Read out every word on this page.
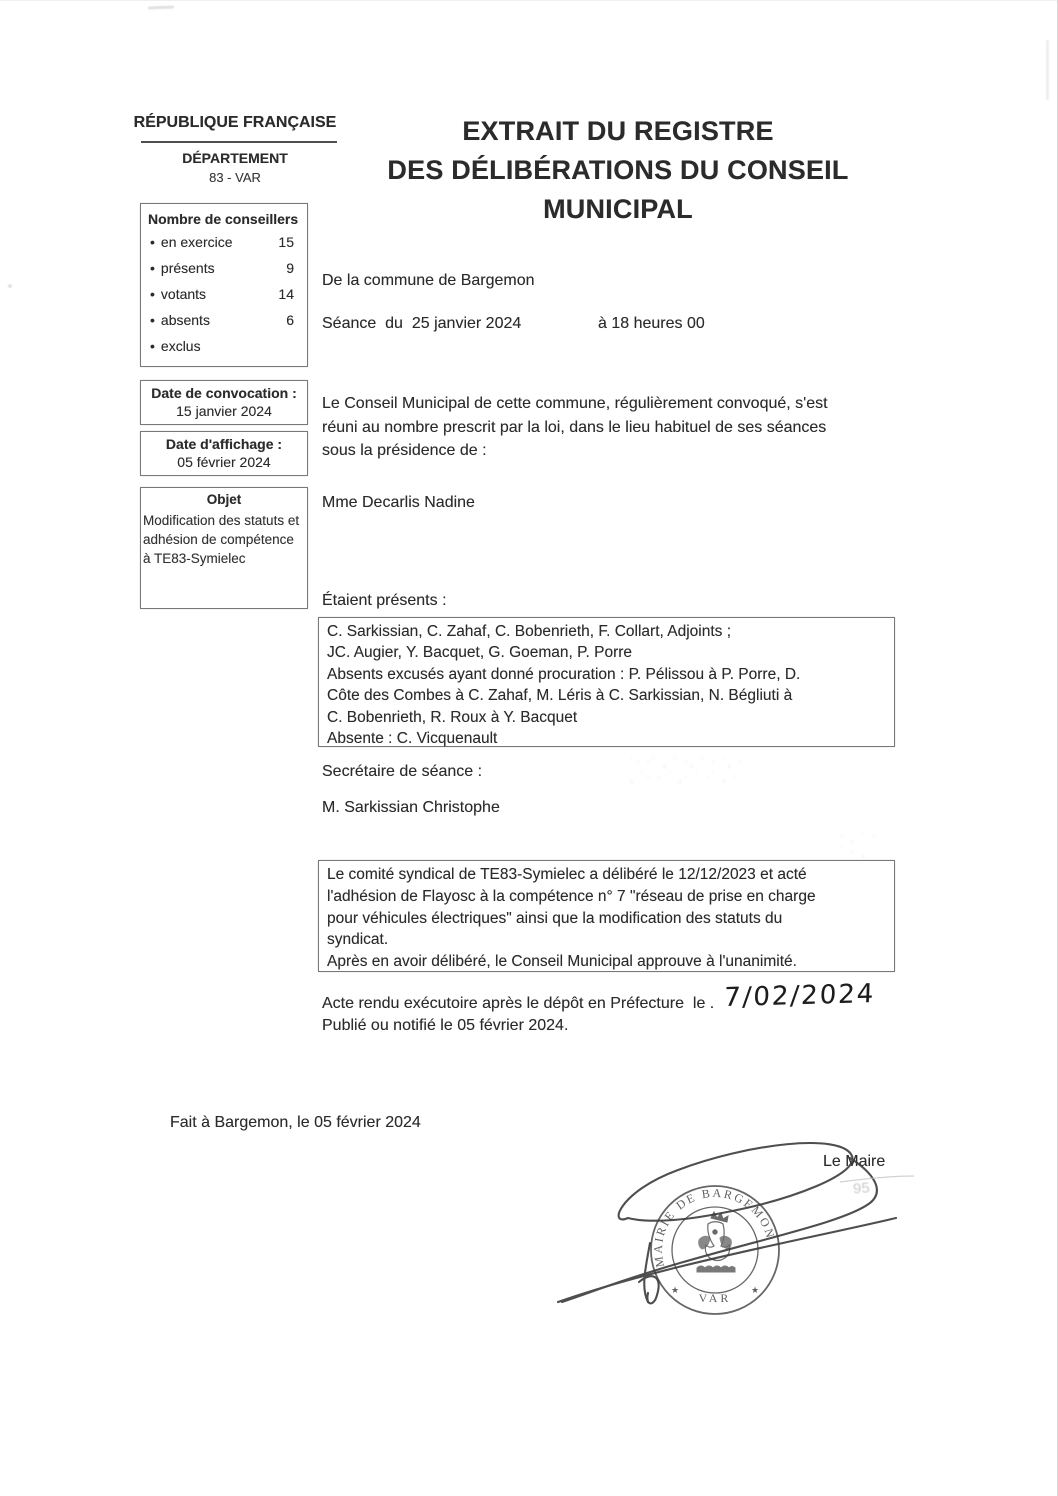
RÉPUBLIQUE FRANÇAISE
DÉPARTEMENT
83 - VAR
Nombre de conseillers
• en exercice	15
• présents	9
• votants	14
• absents	6
• exclus
Date de convocation :
15 janvier 2024
Date d'affichage :
05 février 2024
Objet
Modification des statuts et
adhésion de compétence
à TE83-Symielec
EXTRAIT DU REGISTRE
DES DÉLIBÉRATIONS DU CONSEIL
MUNICIPAL
De la commune de Bargemon
Séance  du  25 janvier 2024	à 18 heures 00
Le Conseil Municipal de cette commune, régulièrement convoqué, s'est
réuni au nombre prescrit par la loi, dans le lieu habituel de ses séances
sous la présidence de :
Mme Decarlis Nadine
Étaient présents :
C. Sarkissian, C. Zahaf, C. Bobenrieth, F. Collart, Adjoints ;
JC. Augier, Y. Bacquet, G. Goeman, P. Porre
Absents excusés ayant donné procuration : P. Pélissou à P. Porre, D.
Côte des Combes à C. Zahaf, M. Léris à C. Sarkissian, N. Bégliuti à
C. Bobenrieth, R. Roux à Y. Bacquet
Absente : C. Vicquenault
Secrétaire de séance :
M. Sarkissian Christophe
Le comité syndical de TE83-Symielec a délibéré le 12/12/2023 et acté
l'adhésion de Flayosc à la compétence n° 7 "réseau de prise en charge
pour véhicules électriques" ainsi que la modification des statuts du
syndicat.
Après en avoir délibéré, le Conseil Municipal approuve à l'unanimité.
Acte rendu exécutoire après le dépôt en Préfecture  le . 7/02/2024
Publié ou notifié le 05 février 2024.
Fait à Bargemon, le 05 février 2024
Le Maire
95
MAIRIE DE BARGEMON
VAR
★	★
˙· ·˙ ¸ ˙ ·¸ ˙ · ˙¸ ·
¸ ˙· · ˙ ¸· ˙ ·˙ ¸ ·
· ¸ ˙ ·
˙ · ¸
